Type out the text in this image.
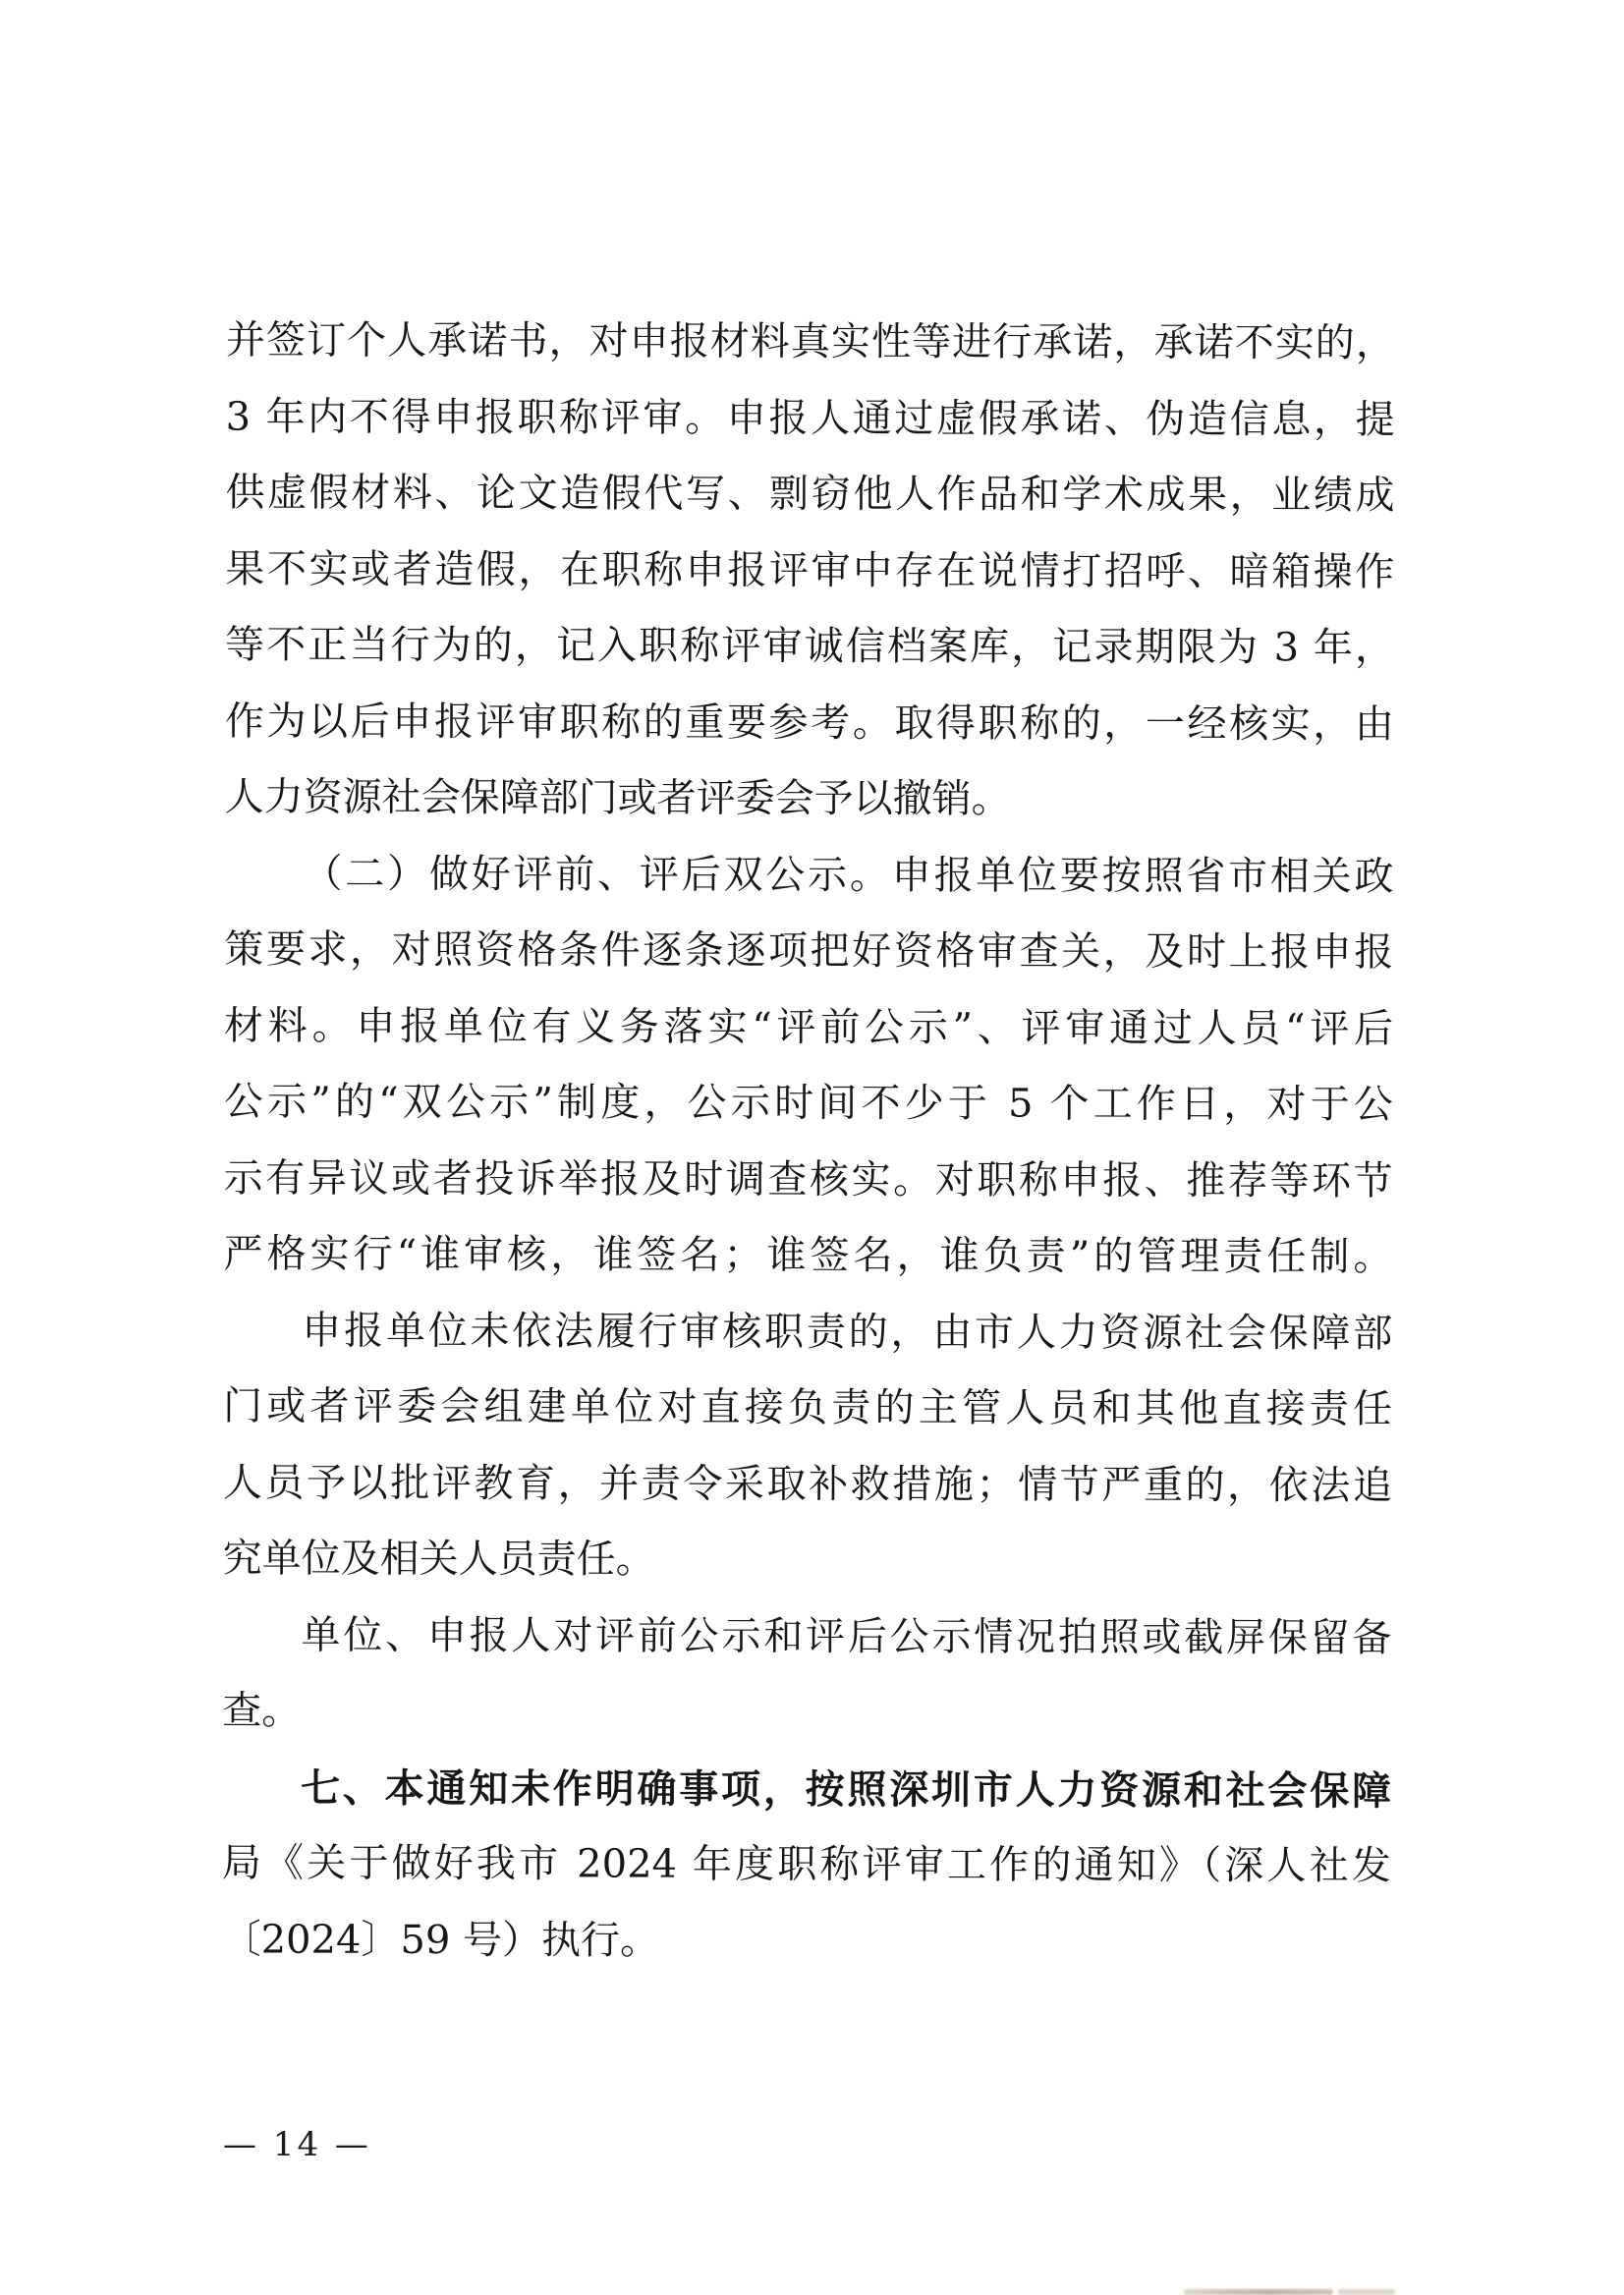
并签订个人承诺书，对申报材料真实性等进行承诺，承诺不实的，
3 年内不得申报职称评审。申报人通过虚假承诺、伪造信息，提
供虚假材料、论文造假代写、剽窃他人作品和学术成果，业绩成
果不实或者造假，在职称申报评审中存在说情打招呼、暗箱操作
等不正当行为的，记入职称评审诚信档案库，记录期限为 3 年，
作为以后申报评审职称的重要参考。取得职称的，一经核实，由
人力资源社会保障部门或者评委会予以撤销。
（二）做好评前、评后双公示。申报单位要按照省市相关政
策要求，对照资格条件逐条逐项把好资格审查关，及时上报申报
材料。申报单位有义务落实“评前公示”、评审通过人员“评后
公示”的“双公示”制度，公示时间不少于 5 个工作日，对于公
示有异议或者投诉举报及时调查核实。对职称申报、推荐等环节
严格实行“谁审核，谁签名；谁签名，谁负责”的管理责任制。
申报单位未依法履行审核职责的，由市人力资源社会保障部
门或者评委会组建单位对直接负责的主管人员和其他直接责任
人员予以批评教育，并责令采取补救措施；情节严重的，依法追
究单位及相关人员责任。
单位、申报人对评前公示和评后公示情况拍照或截屏保留备
查。
七、本通知未作明确事项，按照深圳市人力资源和社会保障
局《关于做好我市 2024 年度职称评审工作的通知》（深人社发
〔2024〕59 号）执行。
— 14 —
